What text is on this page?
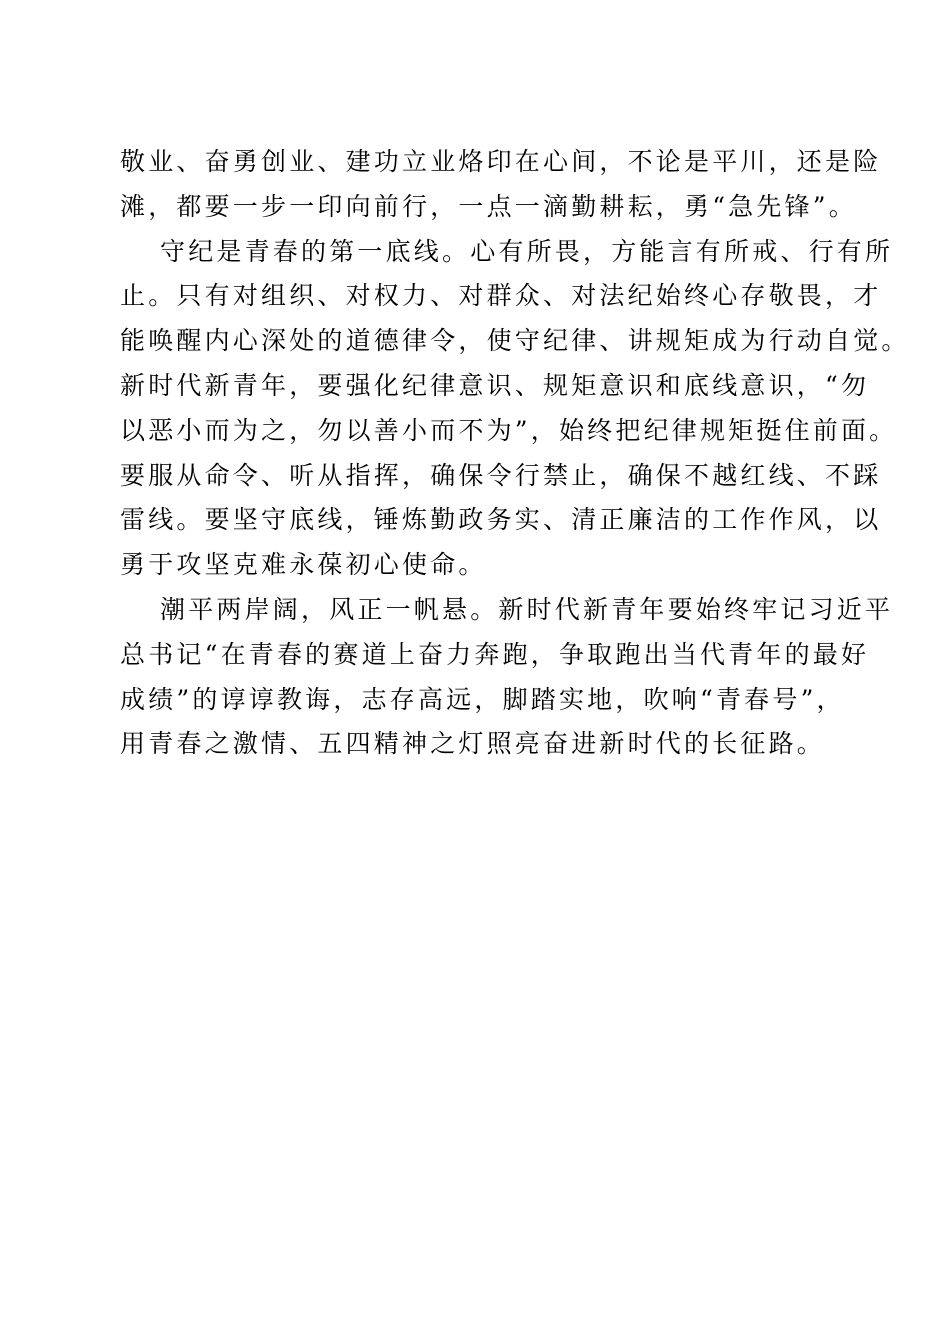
敬业、奋勇创业、建功立业烙印在心间，不论是平川，还是险
滩，都要一步一印向前行，一点一滴勤耕耘，勇“急先锋”。
守纪是青春的第一底线。心有所畏，方能言有所戒、行有所
止。只有对组织、对权力、对群众、对法纪始终心存敬畏，才
能唤醒内心深处的道德律令，使守纪律、讲规矩成为行动自觉。
新时代新青年，要强化纪律意识、规矩意识和底线意识，“勿
以恶小而为之，勿以善小而不为”，始终把纪律规矩挺住前面。
要服从命令、听从指挥，确保令行禁止，确保不越红线、不踩
雷线。要坚守底线，锤炼勤政务实、清正廉洁的工作作风，以
勇于攻坚克难永葆初心使命。
潮平两岸阔，风正一帆悬。新时代新青年要始终牢记习近平
总书记“在青春的赛道上奋力奔跑，争取跑出当代青年的最好
成绩”的谆谆教诲，志存高远，脚踏实地，吹响“青春号”，
用青春之激情、五四精神之灯照亮奋进新时代的长征路。
